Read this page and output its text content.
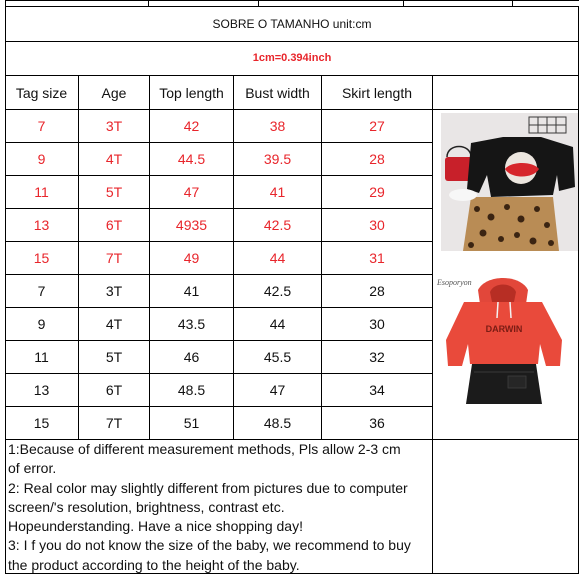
SOBRE O TAMANHO unit:cm
1cm=0.394inch
Tag size	Age	Top length	Bust width	Skirt length
7	3T	42	38	27
9	4T	44.5	39.5	28
11	5T	47	41	29
13	6T	4935	42.5	30
15	7T	49	44	31
7	3T	41	42.5	28
9	4T	43.5	44	30
11	5T	46	45.5	32
13	6T	48.5	47	34
15	7T	51	48.5	36
Esoporyon
DARWIN
1:Because of different measurement methods, Pls allow 2-3 cm
of error.
2: Real color may slightly different from pictures due to computer
screen/'s resolution, brightness, contrast etc.
Hopeunderstanding. Have a nice shopping day!
3: I f you do not know the size of the baby, we recommend to buy
the product according to the height of the baby.
